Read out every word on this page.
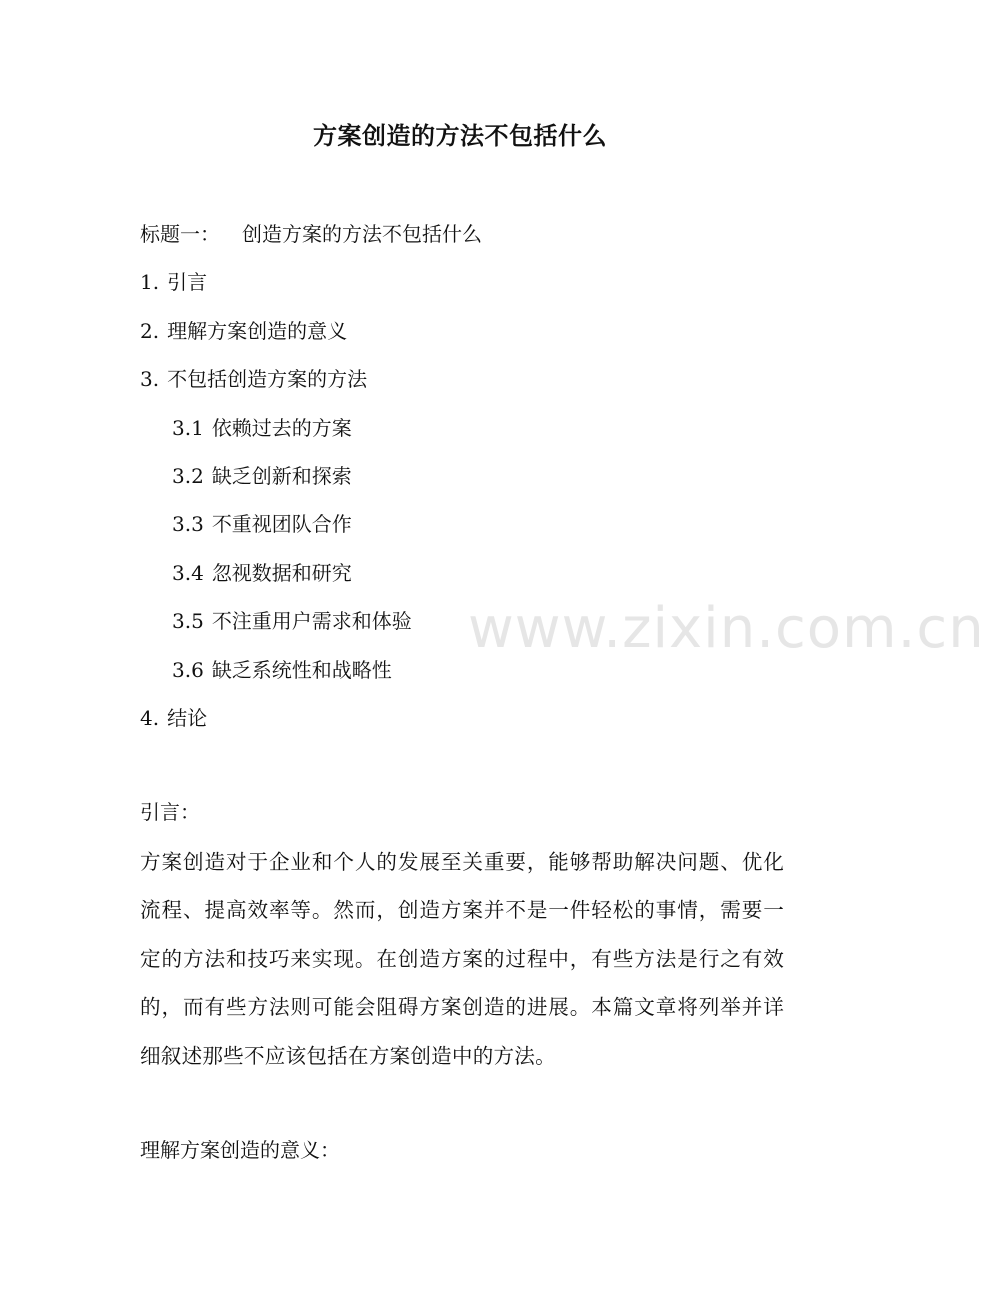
方案创造的方法不包括什么
标题一： 创造方案的方法不包括什么
1. 引言
2. 理解方案创造的意义
3. 不包括创造方案的方法
3.1 依赖过去的方案
3.2 缺乏创新和探索
3.3 不重视团队合作
3.4 忽视数据和研究
3.5 不注重用户需求和体验
3.6 缺乏系统性和战略性
4. 结论
引言：
方案创造对于企业和个人的发展至关重要，能够帮助解决问题、优化流程、提高效率等。然而，创造方案并不是一件轻松的事情，需要一定的方法和技巧来实现。在创造方案的过程中，有些方法是行之有效的，而有些方法则可能会阻碍方案创造的进展。本篇文章将列举并详细叙述那些不应该包括在方案创造中的方法。
理解方案创造的意义：
www.zixin.com.cn
